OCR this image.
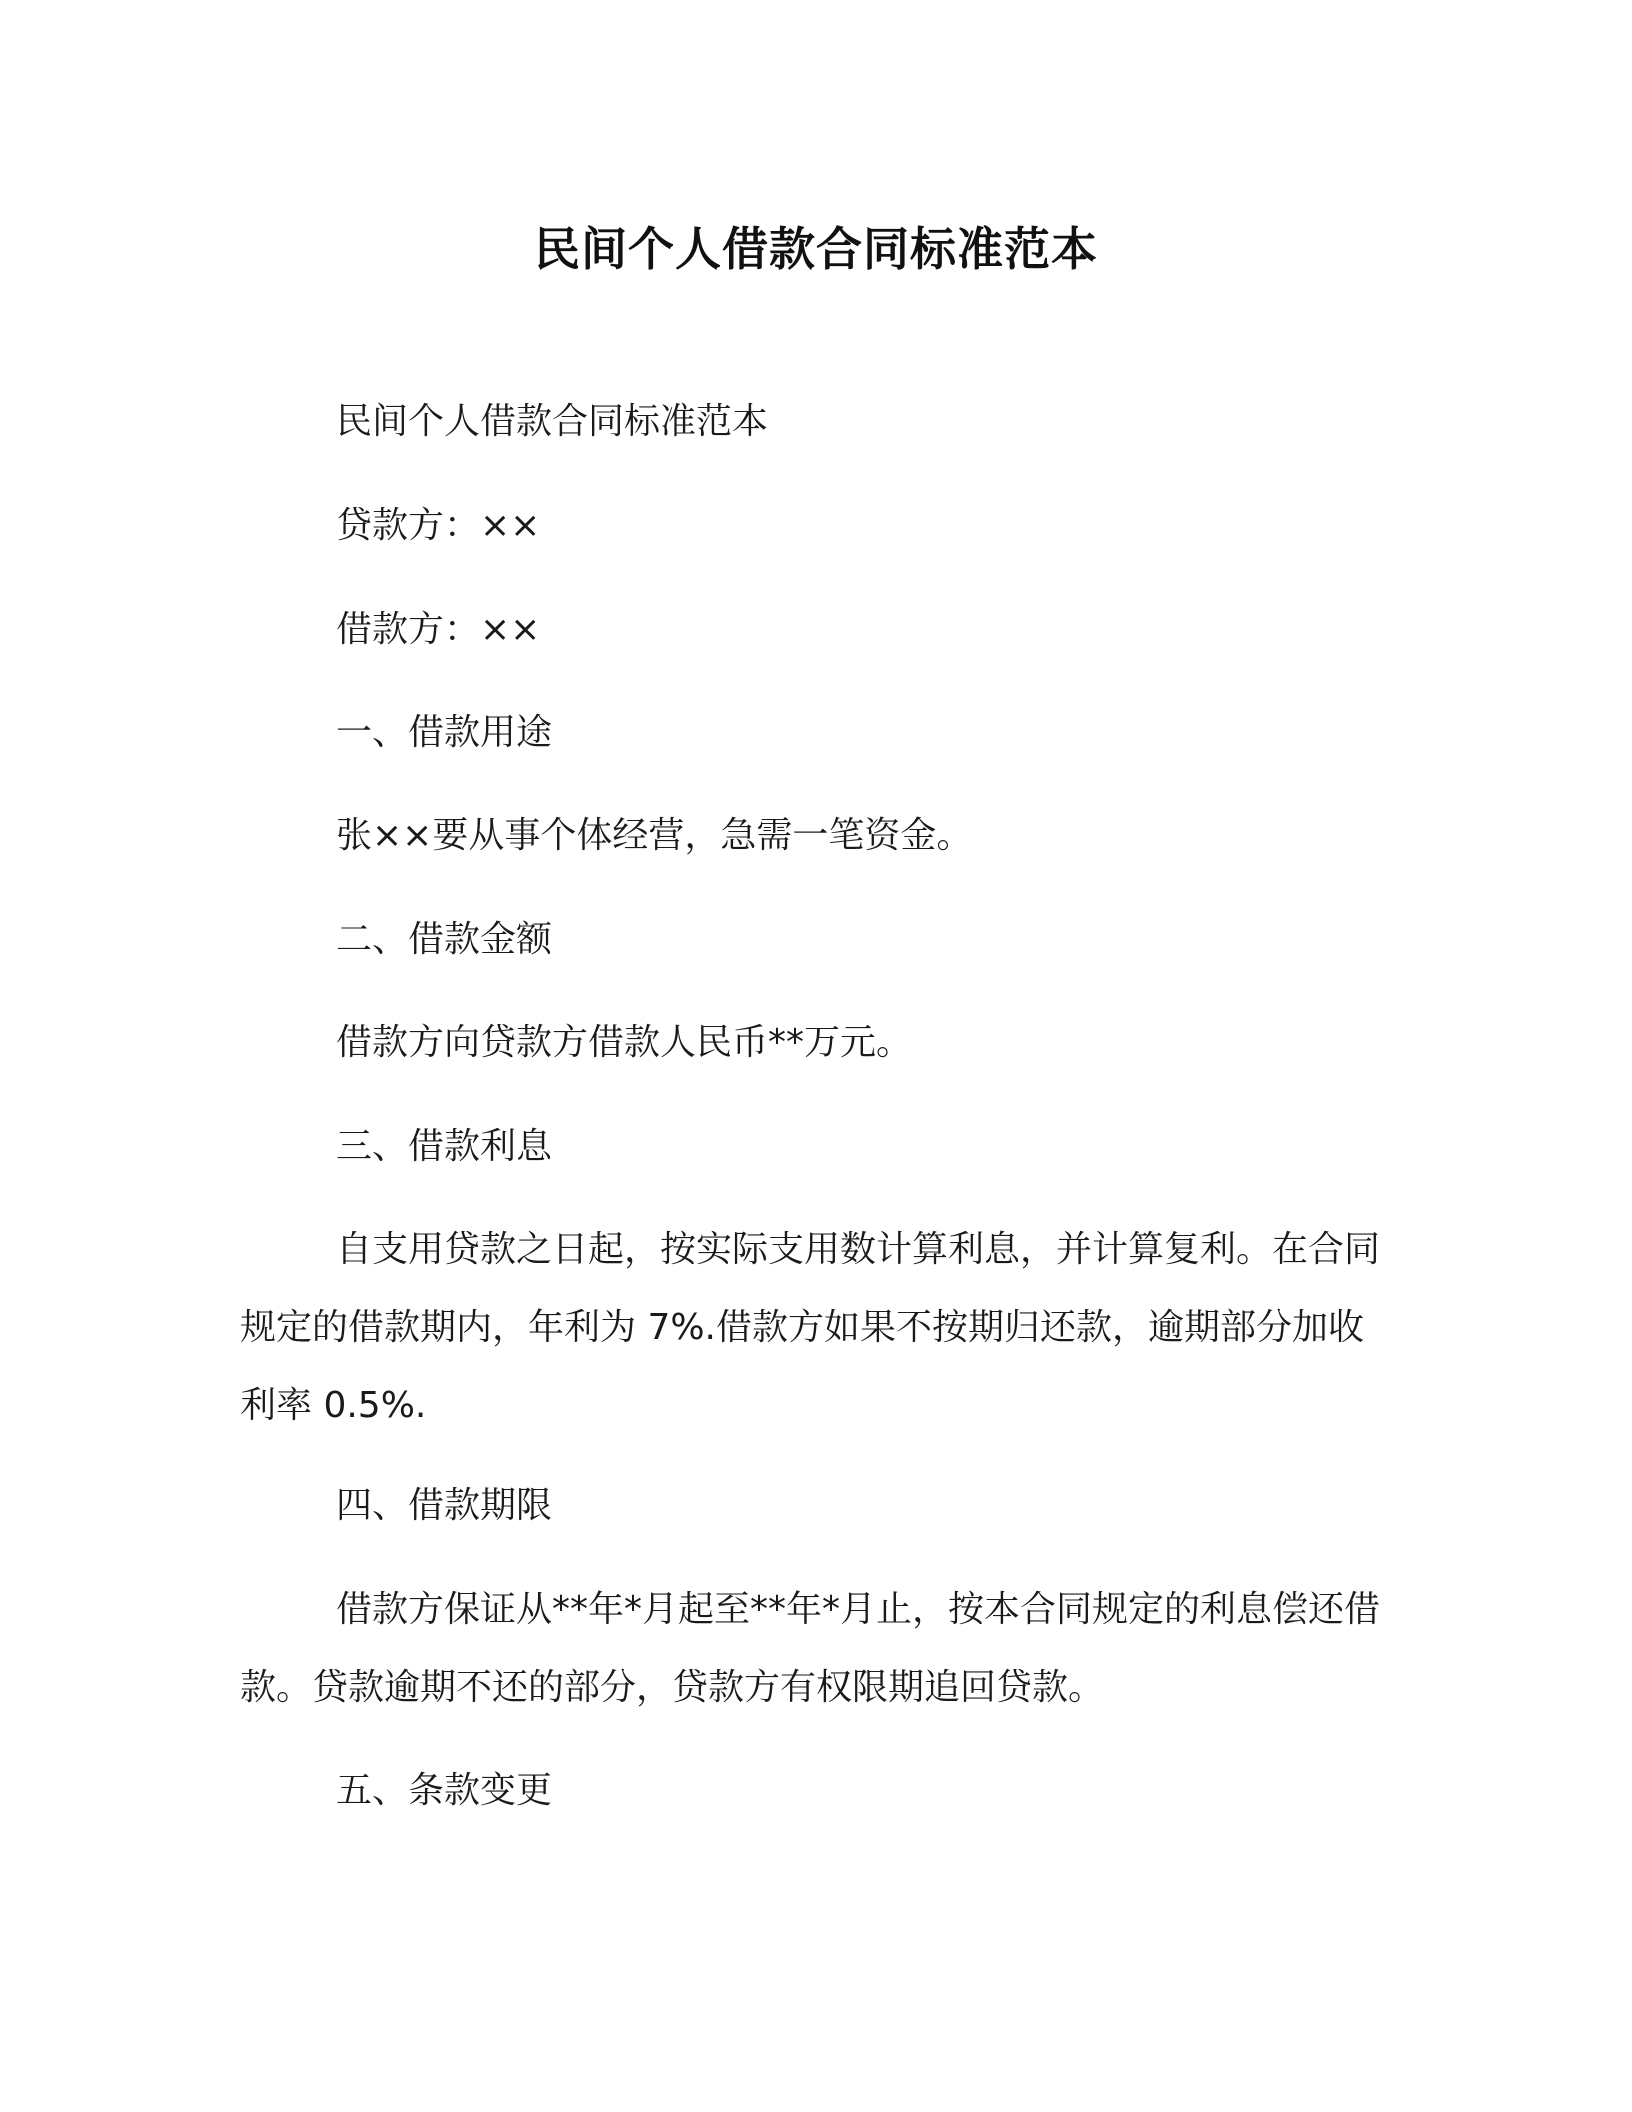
民间个人借款合同标准范本

民间个人借款合同标准范本

贷款方：××

借款方：××

一、借款用途

张××要从事个体经营，急需一笔资金。

二、借款金额

借款方向贷款方借款人民币**万元。

三、借款利息

自支用贷款之日起，按实际支用数计算利息，并计算复利。在合同规定的借款期内，年利为 7%.借款方如果不按期归还款，逾期部分加收利率 0.5%.

四、借款期限

借款方保证从**年*月起至**年*月止，按本合同规定的利息偿还借款。贷款逾期不还的部分，贷款方有权限期追回贷款。

五、条款变更
